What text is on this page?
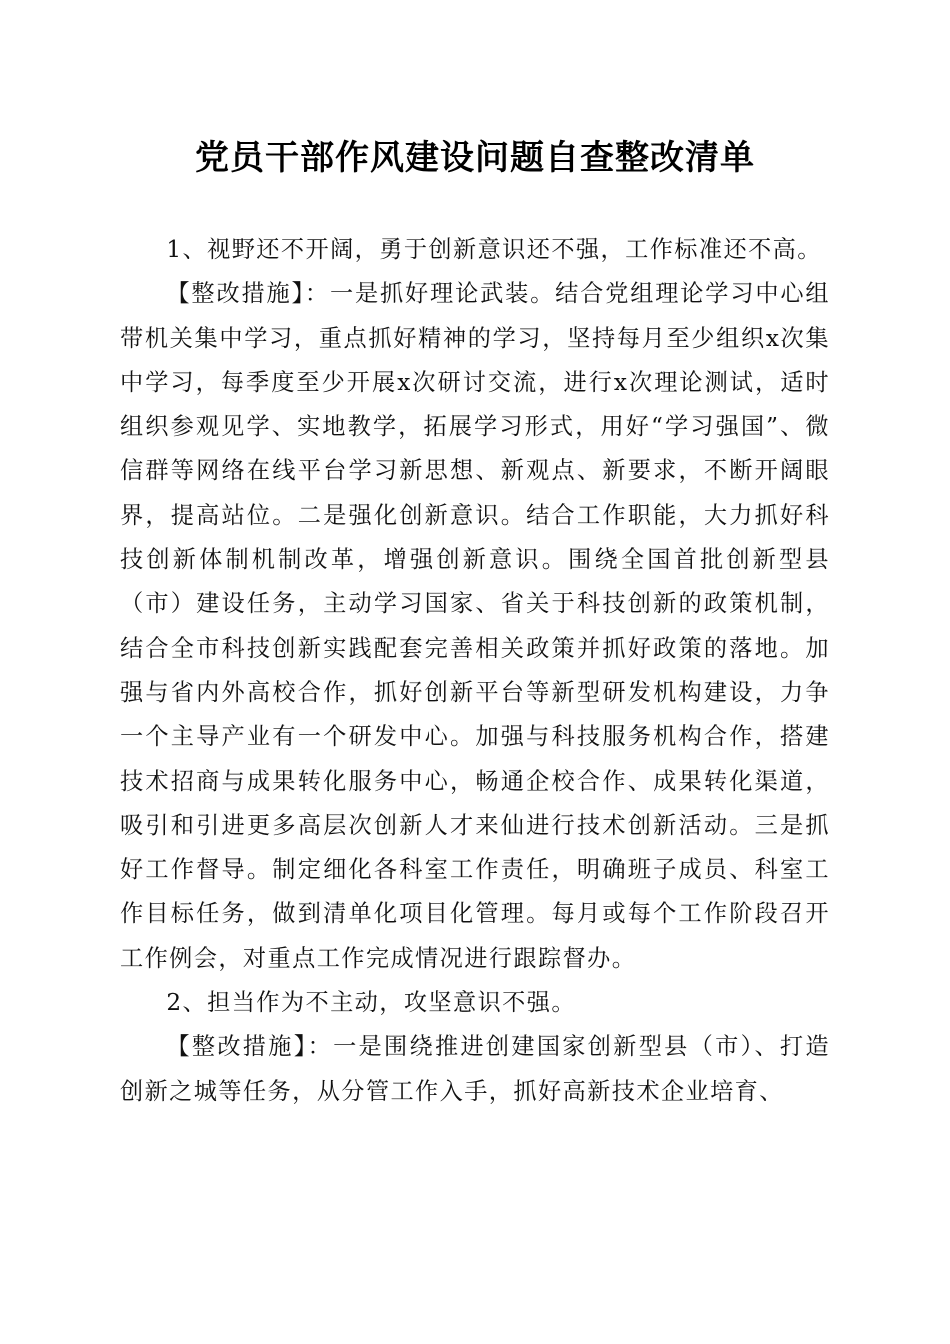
党员干部作风建设问题自查整改清单

1、视野还不开阔，勇于创新意识还不强，工作标准还不高。

【整改措施】：一是抓好理论武装。结合党组理论学习中心组带机关集中学习，重点抓好精神的学习，坚持每月至少组织x次集中学习，每季度至少开展x次研讨交流，进行x次理论测试，适时组织参观见学、实地教学，拓展学习形式，用好“学习强国”、微信群等网络在线平台学习新思想、新观点、新要求，不断开阔眼界，提高站位。二是强化创新意识。结合工作职能，大力抓好科技创新体制机制改革，增强创新意识。围绕全国首批创新型县（市）建设任务，主动学习国家、省关于科技创新的政策机制，结合全市科技创新实践配套完善相关政策并抓好政策的落地。加强与省内外高校合作，抓好创新平台等新型研发机构建设，力争一个主导产业有一个研发中心。加强与科技服务机构合作，搭建技术招商与成果转化服务中心，畅通企校合作、成果转化渠道，吸引和引进更多高层次创新人才来仙进行技术创新活动。三是抓好工作督导。制定细化各科室工作责任，明确班子成员、科室工作目标任务，做到清单化项目化管理。每月或每个工作阶段召开工作例会，对重点工作完成情况进行跟踪督办。

2、担当作为不主动，攻坚意识不强。

【整改措施】：一是围绕推进创建国家创新型县（市）、打造创新之城等任务，从分管工作入手，抓好高新技术企业培育、
